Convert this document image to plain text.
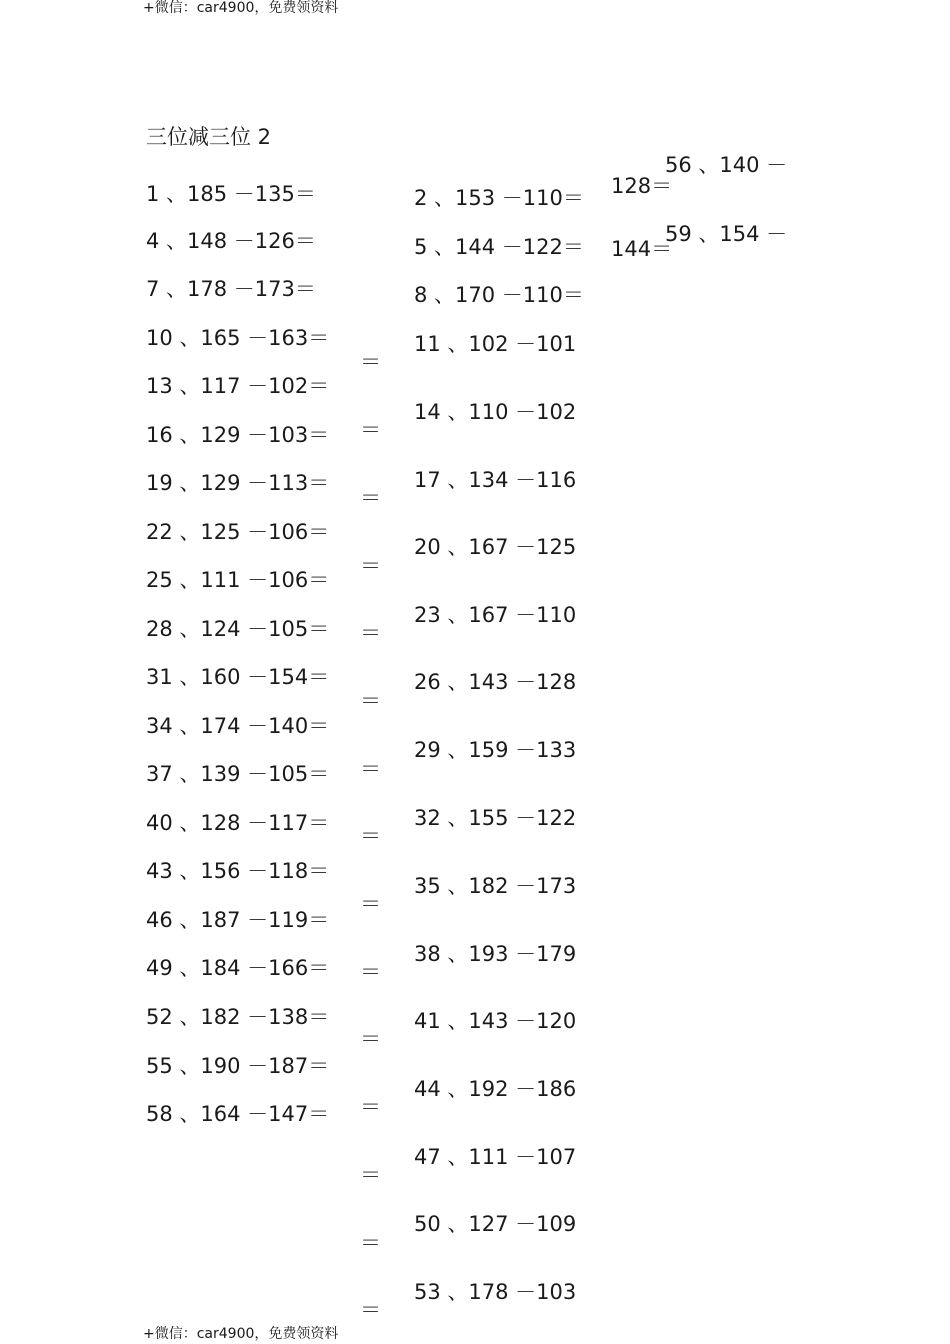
+微信：car4900，免费领资料
三位减三位 2
1 、185 －135＝
4 、148 －126＝
7 、178 －173＝
10 、165 －163＝
13 、117 －102＝
16 、129 －103＝
19 、129 －113＝
22 、125 －106＝
25 、111 －106＝
28 、124 －105＝
31 、160 －154＝
34 、174 －140＝
37 、139 －105＝
40 、128 －117＝
43 、156 －118＝
46 、187 －119＝
49 、184 －166＝
52 、182 －138＝
55 、190 －187＝
58 、164 －147＝
2 、153 －110＝
5 、144 －122＝
8 、170 －110＝
11 、102 －101
14 、110 －102
17 、134 －116
20 、167 －125
23 、167 －110
26 、143 －128
29 、159 －133
32 、155 －122
35 、182 －173
38 、193 －179
41 、143 －120
44 、192 －186
47 、111 －107
50 、127 －109
53 、178 －103
＝
＝
＝
＝
＝
＝
＝
＝
＝
＝
＝
＝
＝
＝
＝
56 、140 －
128＝
59 、154 －
144＝
+微信：car4900，免费领资料
